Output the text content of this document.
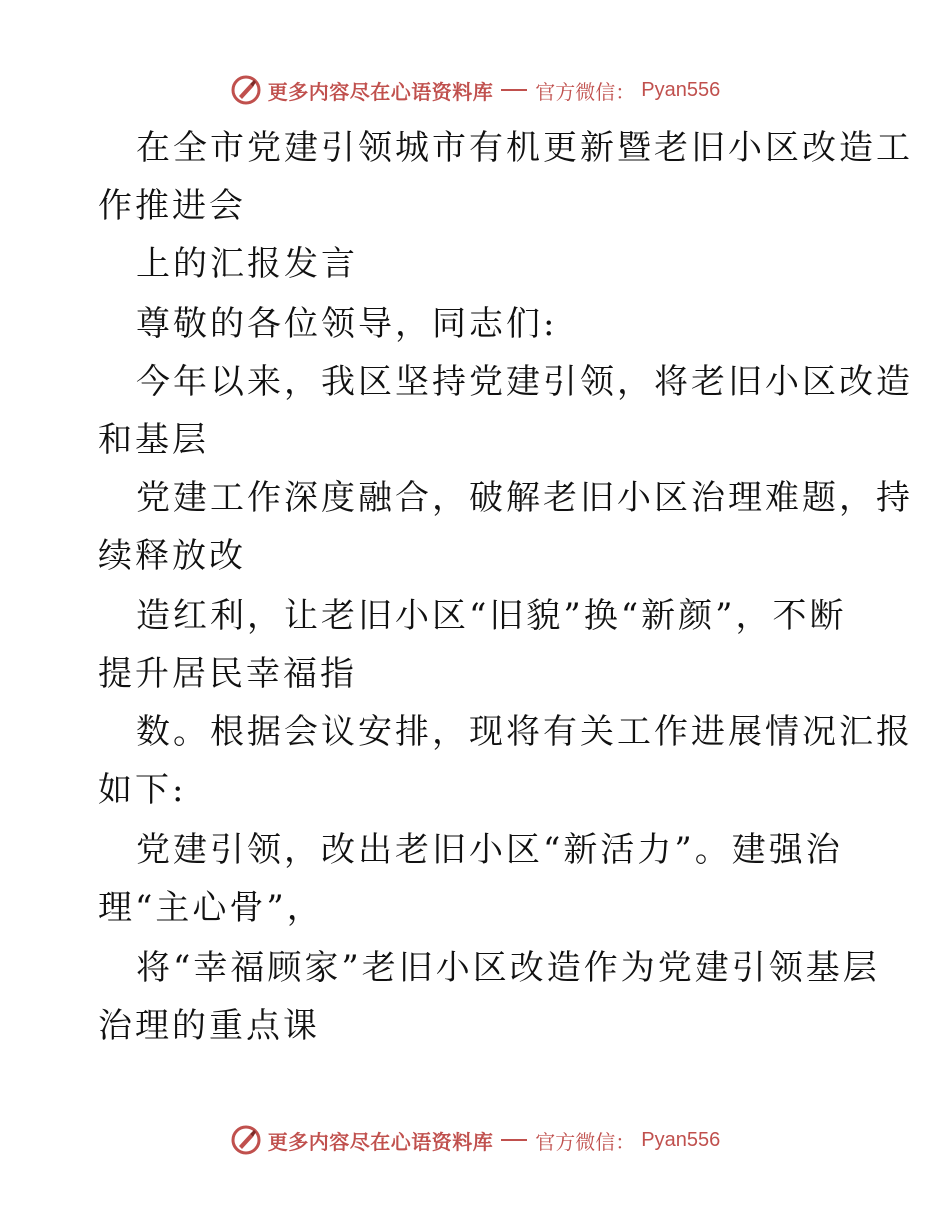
更多内容尽在心语资料库 官方微信： Pyan556
在全市党建引领城市有机更新暨老旧小区改造工
作推进会
上的汇报发言
尊敬的各位领导，同志们:
今年以来，我区坚持党建引领，将老旧小区改造
和基层
党建工作深度融合，破解老旧小区治理难题，持
续释放改
造红利，让老旧小区“旧貌”换“新颜”，不断
提升居民幸福指
数。根据会议安排，现将有关工作进展情况汇报
如下:
党建引领，改出老旧小区“新活力”。建强治
理“主心骨”，
将“幸福顾家”老旧小区改造作为党建引领基层
治理的重点课
更多内容尽在心语资料库 官方微信： Pyan556
